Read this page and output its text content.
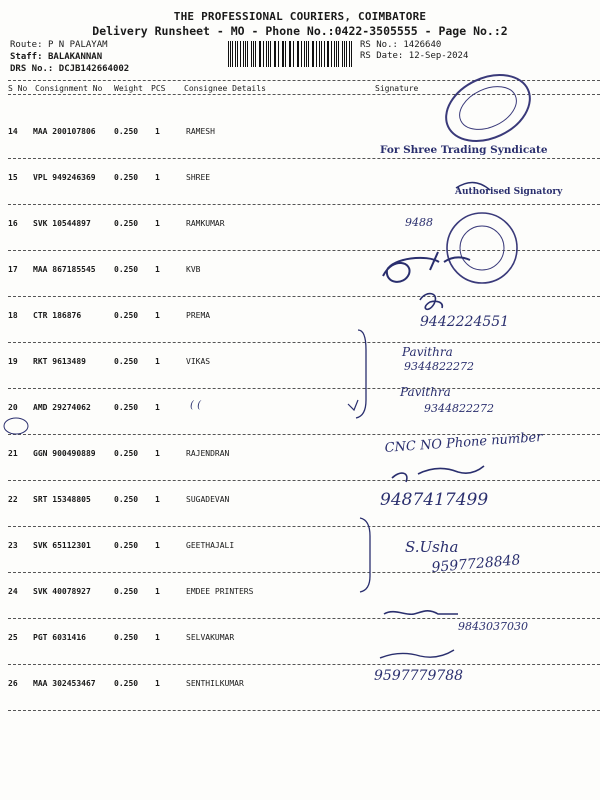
THE PROFESSIONAL COURIERS, COIMBATORE
Delivery Runsheet - MO - Phone No.:0422-3505555 - Page No.:2
Route: P N PALAYAM
Staff: BALAKANNAN
DRS No.: DCJB142664002
RS No.: 1426640
RS Date: 12-Sep-2024
S No Consignment No Weight PCS Consignee Details	Signature
14 MAA 200107806 0.250 1	RAMESH
15 VPL 949246369 0.250 1	SHREE
16 SVK 10544897	0.250 1	RAMKUMAR
17 MAA 867185545 0.250 1	KVB
18 CTR 186876	0.250 1	PREMA
19 RKT 9613489	0.250 1	VIKAS
20 AMD 29274062	0.250 1
21 GGN 900490889 0.250 1	RAJENDRAN
22 SRT 15348805	0.250 1	SUGADEVAN
23 SVK 65112301	0.250 1	GEETHAJALI
24 SVK 40078927	0.250 1	EMDEE PRINTERS
25 PGT 6031416	0.250 1	SELVAKUMAR
26 MAA 302453467 0.250 1	SENTHILKUMAR
For Shree Trading Syndicate
Authorised Signatory
9488
9442224551
( (
Pavithra
9344822272
Pavithra
9344822272
CNC NO Phone number
9487417499
S.Usha
9597728848
9843037030
9597779788
